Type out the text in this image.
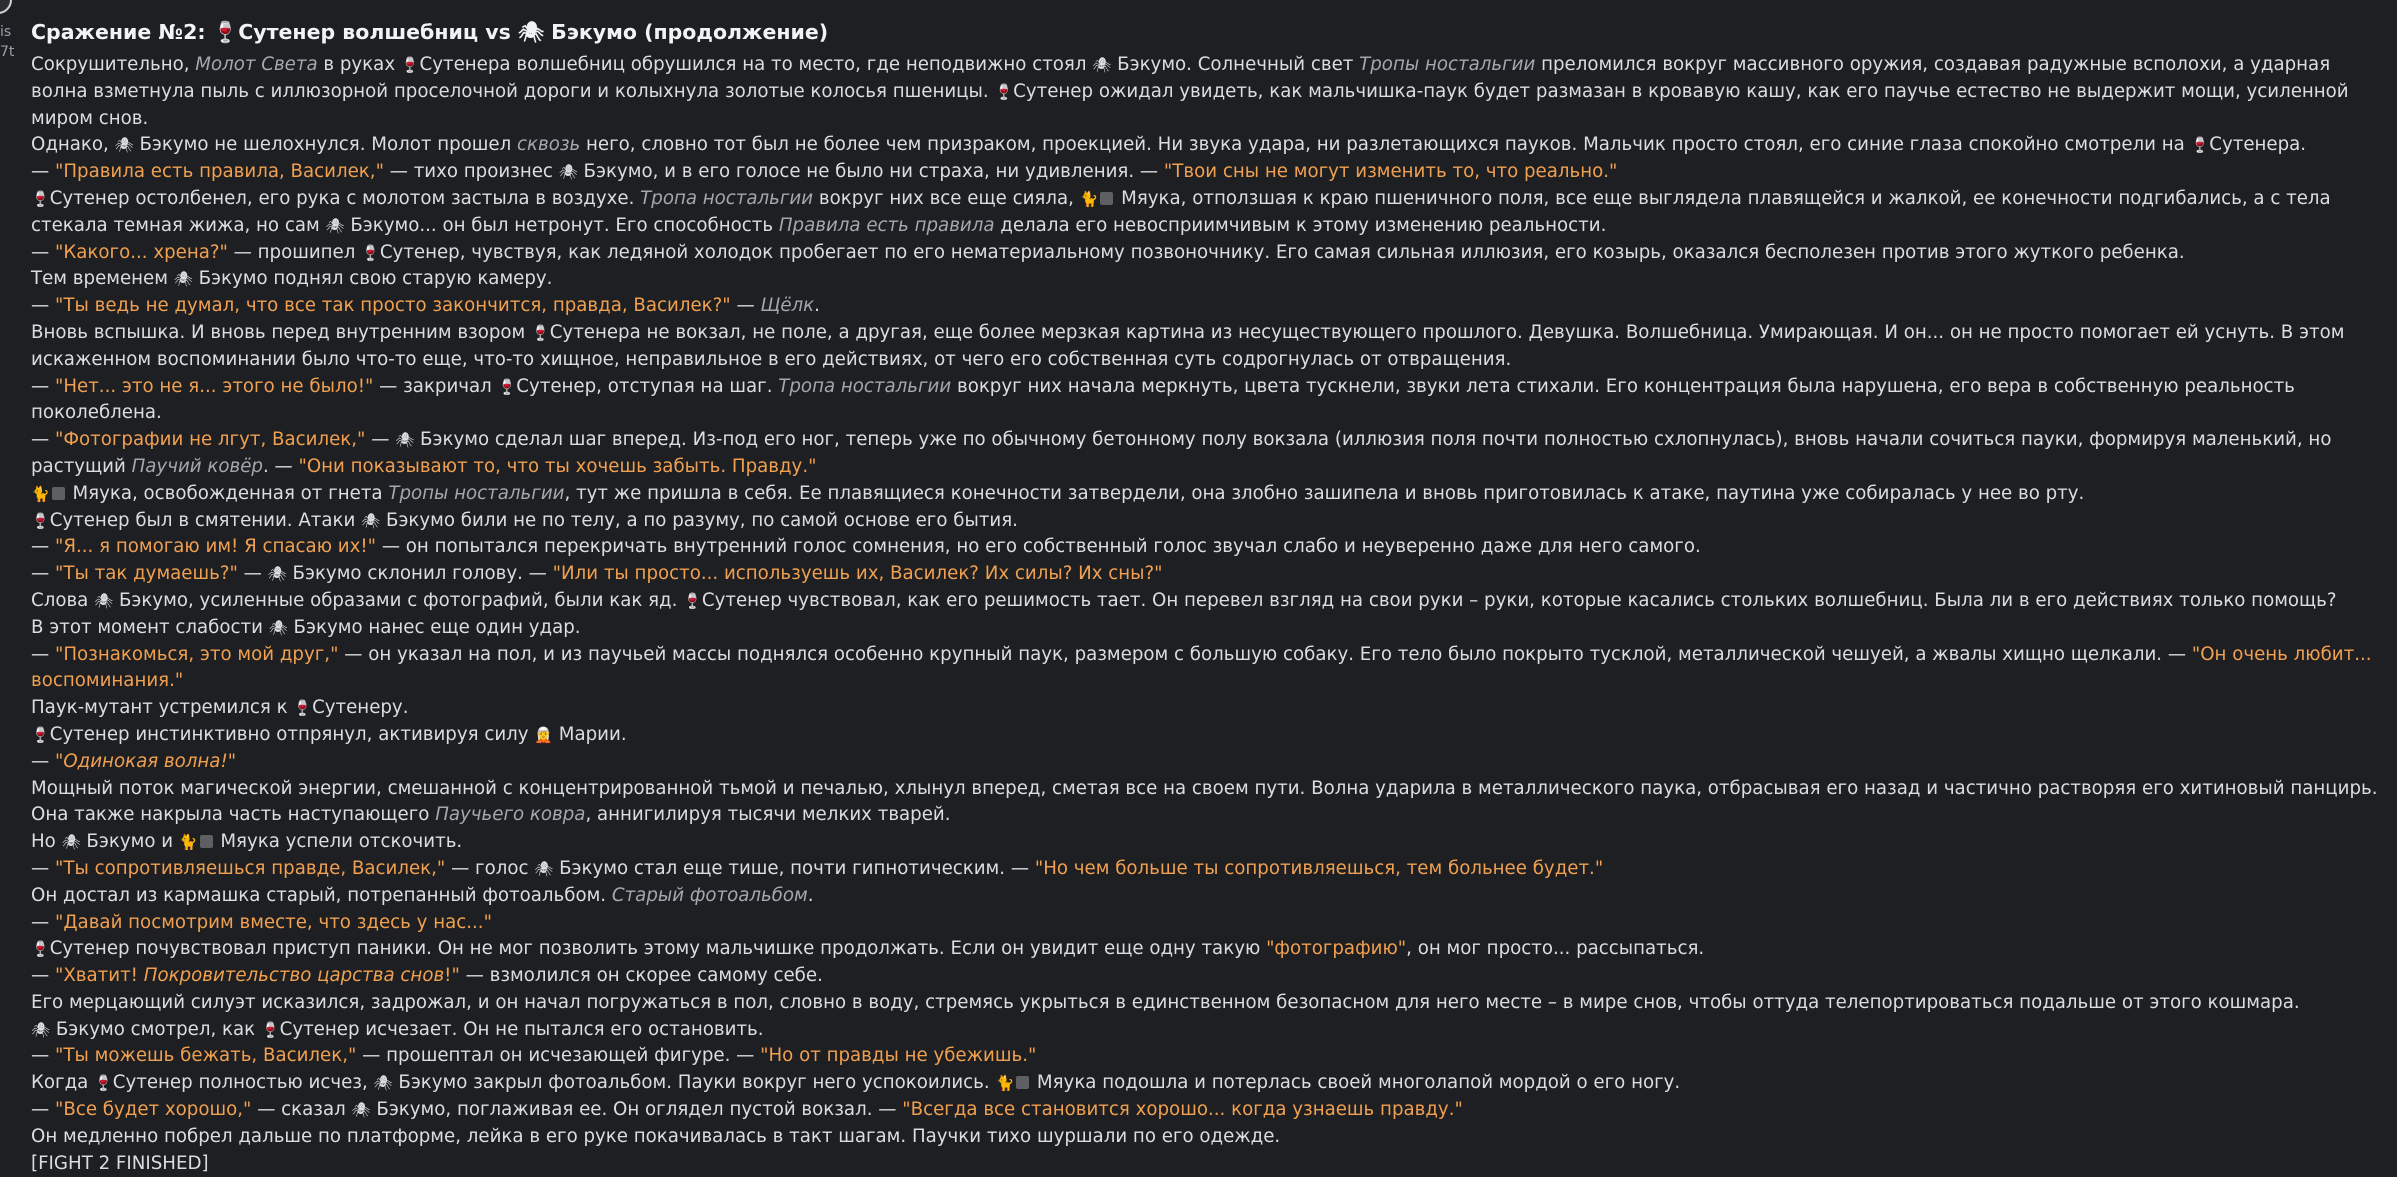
is
7t
Сражение №2: 🍷Сутенер волшебниц vs 🕷 Бэкумо (продолжение)

Сокрушительно, Молот Света в руках 🍷Сутенера волшебниц обрушился на то место, где неподвижно стоял 🕷 Бэкумо. Солнечный свет Тропы ностальгии преломился вокруг массивного оружия, создавая радужные всполохи, а ударная волна взметнула пыль с иллюзорной проселочной дороги и колыхнула золотые колосья пшеницы. 🍷Сутенер ожидал увидеть, как мальчишка-паук будет размазан в кровавую кашу, как его паучье естество не выдержит мощи, усиленной миром снов.

Однако, 🕷 Бэкумо не шелохнулся. Молот прошел сквозь него, словно тот был не более чем призраком, проекцией. Ни звука удара, ни разлетающихся пауков. Мальчик просто стоял, его синие глаза спокойно смотрели на 🍷Сутенера.

— "Правила есть правила, Василек," — тихо произнес 🕷 Бэкумо, и в его голосе не было ни страха, ни удивления. — "Твои сны не могут изменить то, что реально."

🍷Сутенер остолбенел, его рука с молотом застыла в воздухе. Тропа ностальгии вокруг них все еще сияла, 🐈 Мяука, отползшая к краю пшеничного поля, все еще выглядела плавящейся и жалкой, ее конечности подгибались, а с тела стекала темная жижа, но сам 🕷 Бэкумо... он был нетронут. Его способность Правила есть правила делала его невосприимчивым к этому изменению реальности.

— "Какого... хрена?" — прошипел 🍷Сутенер, чувствуя, как ледяной холодок пробегает по его нематериальному позвоночнику. Его самая сильная иллюзия, его козырь, оказался бесполезен против этого жуткого ребенка.

Тем временем 🕷 Бэкумо поднял свою старую камеру.

— "Ты ведь не думал, что все так просто закончится, правда, Василек?" — Щёлк.

Вновь вспышка. И вновь перед внутренним взором 🍷Сутенера не вокзал, не поле, а другая, еще более мерзкая картина из несуществующего прошлого. Девушка. Волшебница. Умирающая. И он... он не просто помогает ей уснуть. В этом искаженном воспоминании было что-то еще, что-то хищное, неправильное в его действиях, от чего его собственная суть содрогнулась от отвращения.

— "Нет... это не я... этого не было!" — закричал 🍷Сутенер, отступая на шаг. Тропа ностальгии вокруг них начала меркнуть, цвета тускнели, звуки лета стихали. Его концентрация была нарушена, его вера в собственную реальность поколеблена.

— "Фотографии не лгут, Василек," — 🕷 Бэкумо сделал шаг вперед. Из-под его ног, теперь уже по обычному бетонному полу вокзала (иллюзия поля почти полностью схлопнулась), вновь начали сочиться пауки, формируя маленький, но растущий Паучий ковёр. — "Они показывают то, что ты хочешь забыть. Правду."

🐈 Мяука, освобожденная от гнета Тропы ностальгии, тут же пришла в себя. Ее плавящиеся конечности затвердели, она злобно зашипела и вновь приготовилась к атаке, паутина уже собиралась у нее во рту.

🍷Сутенер был в смятении. Атаки 🕷 Бэкумо били не по телу, а по разуму, по самой основе его бытия.

— "Я... я помогаю им! Я спасаю их!" — он попытался перекричать внутренний голос сомнения, но его собственный голос звучал слабо и неуверенно даже для него самого.

— "Ты так думаешь?" — 🕷 Бэкумо склонил голову. — "Или ты просто... используешь их, Василек? Их силы? Их сны?"

Слова 🕷 Бэкумо, усиленные образами с фотографий, были как яд. 🍷Сутенер чувствовал, как его решимость тает. Он перевел взгляд на свои руки – руки, которые касались стольких волшебниц. Была ли в его действиях только помощь?

В этот момент слабости 🕷 Бэкумо нанес еще один удар.

— "Познакомься, это мой друг," — он указал на пол, и из паучьей массы поднялся особенно крупный паук, размером с большую собаку. Его тело было покрыто тусклой, металлической чешуей, а жвалы хищно щелкали. — "Он очень любит... воспоминания."

Паук-мутант устремился к 🍷Сутенеру.

🍷Сутенер инстинктивно отпрянул, активируя силу 🧝 Марии.

— "Одинокая волна!"

Мощный поток магической энергии, смешанной с концентрированной тьмой и печалью, хлынул вперед, сметая все на своем пути. Волна ударила в металлического паука, отбрасывая его назад и частично растворяя его хитиновый панцирь. Она также накрыла часть наступающего Паучьего ковра, аннигилируя тысячи мелких тварей.

Но 🕷 Бэкумо и 🐈 Мяука успели отскочить.

— "Ты сопротивляешься правде, Василек," — голос 🕷 Бэкумо стал еще тише, почти гипнотическим. — "Но чем больше ты сопротивляешься, тем больнее будет."

Он достал из кармашка старый, потрепанный фотоальбом. Старый фотоальбом.

— "Давай посмотрим вместе, что здесь у нас..."

🍷Сутенер почувствовал приступ паники. Он не мог позволить этому мальчишке продолжать. Если он увидит еще одну такую "фотографию", он мог просто... рассыпаться.

— "Хватит! Покровительство царства снов!" — взмолился он скорее самому себе.

Его мерцающий силуэт исказился, задрожал, и он начал погружаться в пол, словно в воду, стремясь укрыться в единственном безопасном для него месте – в мире снов, чтобы оттуда телепортироваться подальше от этого кошмара.

🕷 Бэкумо смотрел, как 🍷Сутенер исчезает. Он не пытался его остановить.

— "Ты можешь бежать, Василек," — прошептал он исчезающей фигуре. — "Но от правды не убежишь."

Когда 🍷Сутенер полностью исчез, 🕷 Бэкумо закрыл фотоальбом. Пауки вокруг него успокоились. 🐈 Мяука подошла и потерлась своей многолапой мордой о его ногу.

— "Все будет хорошо," — сказал 🕷 Бэкумо, поглаживая ее. Он оглядел пустой вокзал. — "Всегда все становится хорошо... когда узнаешь правду."

Он медленно побрел дальше по платформе, лейка в его руке покачивалась в такт шагам. Паучки тихо шуршали по его одежде.

[FIGHT 2 FINISHED]
